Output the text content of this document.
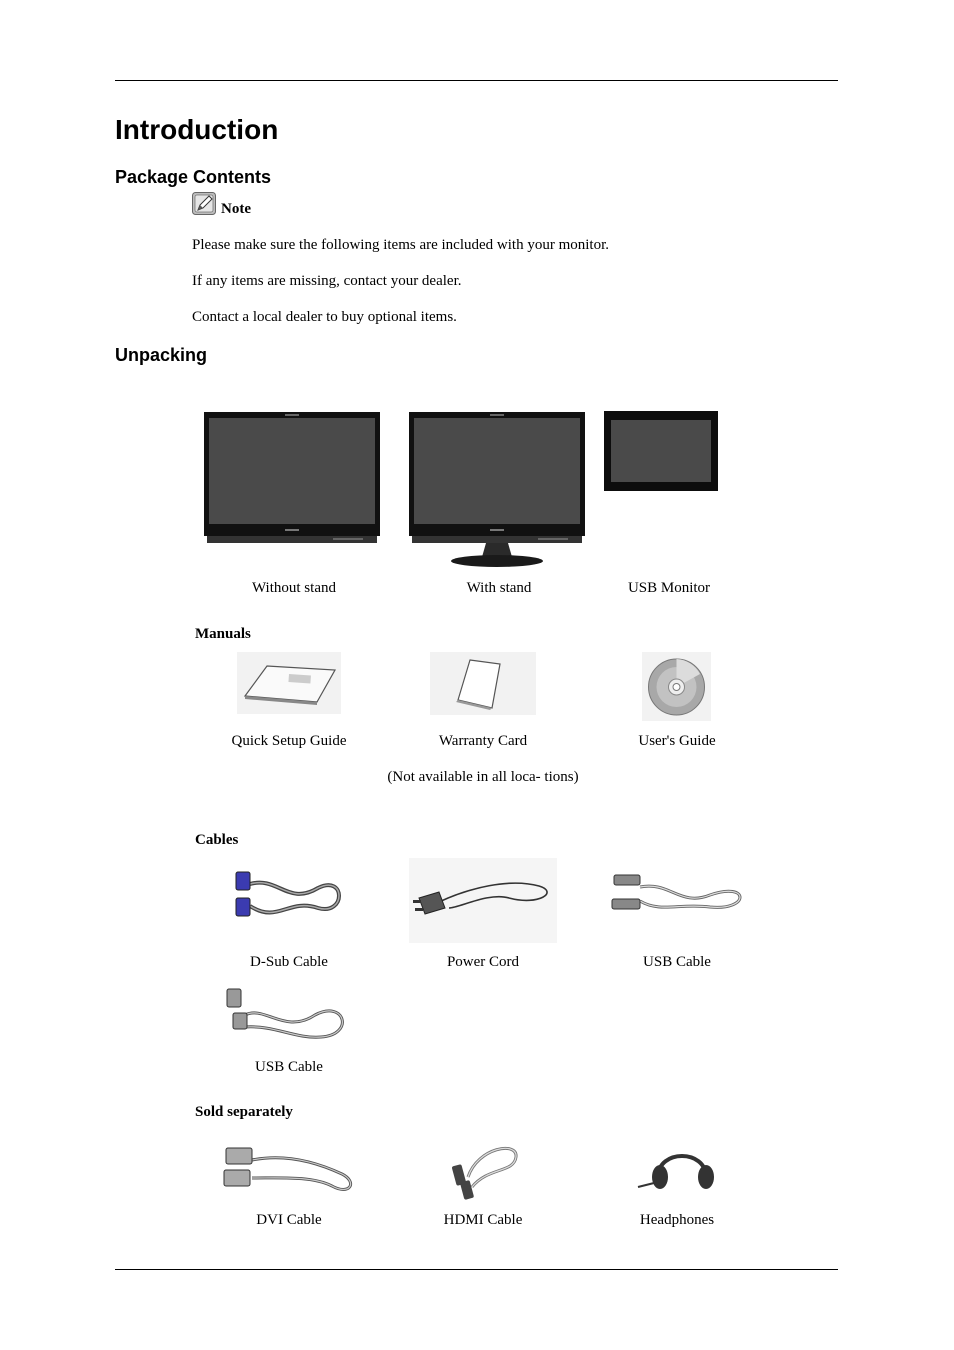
Introduction
Package Contents
Note
Please make sure the following items are included with your monitor.
If any items are missing, contact your dealer.
Contact a local dealer to buy optional items.
Unpacking
Without stand	With stand	USB Monitor
Manuals
Quick Setup Guide	Warranty Card
(Not available in all loca- tions)
User's Guide
Cables
D-Sub Cable	Power Cord	USB Cable
USB Cable
Sold separately
DVI Cable	HDMI Cable	Headphones
